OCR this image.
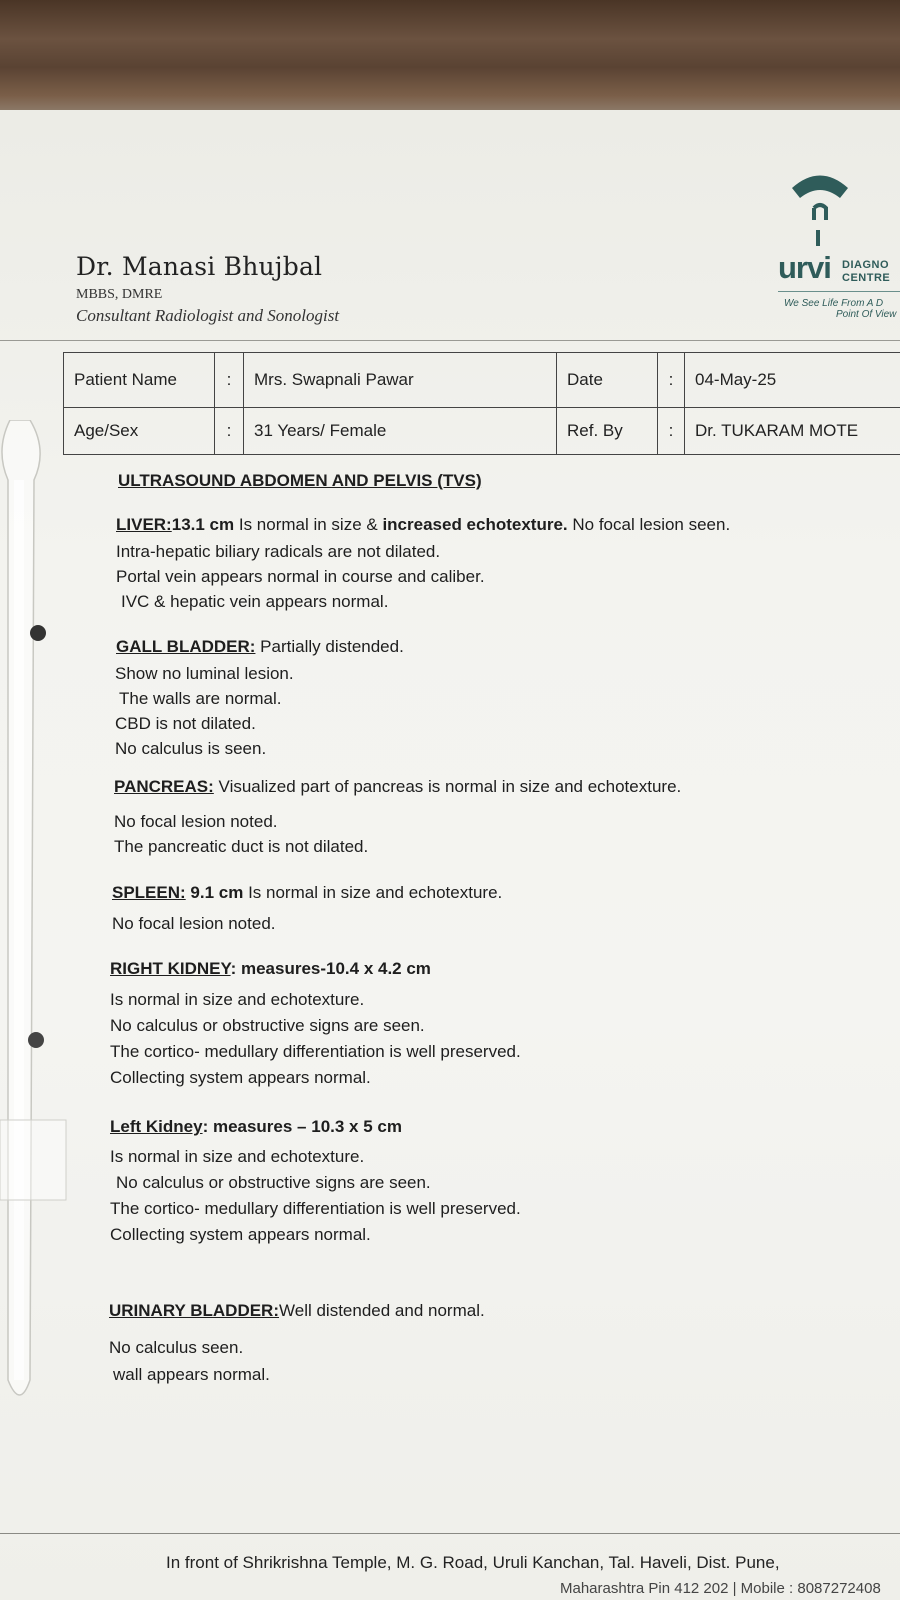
Dr. Manasi Bhujbal
MBBS, DMRE
Consultant Radiologist and Sonologist
urvi DIAGNO
CENTRE
We See Life From A D
Point Of View
Patient Name	:	Mrs. Swapnali Pawar	Date	:	04-May-25
Age/Sex	:	31 Years/ Female	Ref. By	:	Dr. TUKARAM MOTE
ULTRASOUND ABDOMEN AND PELVIS (TVS)
LIVER:13.1 cm Is normal in size & increased echotexture. No focal lesion seen.
Intra-hepatic biliary radicals are not dilated.
Portal vein appears normal in course and caliber.
IVC & hepatic vein appears normal.
GALL BLADDER: Partially distended.
Show no luminal lesion.
The walls are normal.
CBD is not dilated.
No calculus is seen.
PANCREAS: Visualized part of pancreas is normal in size and echotexture.
No focal lesion noted.
The pancreatic duct is not dilated.
SPLEEN: 9.1 cm Is normal in size and echotexture.
No focal lesion noted.
RIGHT KIDNEY: measures-10.4 x 4.2 cm
Is normal in size and echotexture.
No calculus or obstructive signs are seen.
The cortico- medullary differentiation is well preserved.
Collecting system appears normal.
Left Kidney: measures – 10.3 x 5 cm
Is normal in size and echotexture.
No calculus or obstructive signs are seen.
The cortico- medullary differentiation is well preserved.
Collecting system appears normal.
URINARY BLADDER:Well distended and normal.
No calculus seen.
wall appears normal.
In front of Shrikrishna Temple, M. G. Road, Uruli Kanchan, Tal. Haveli, Dist. Pune,
Maharashtra Pin 412 202 | Mobile : 8087272408
